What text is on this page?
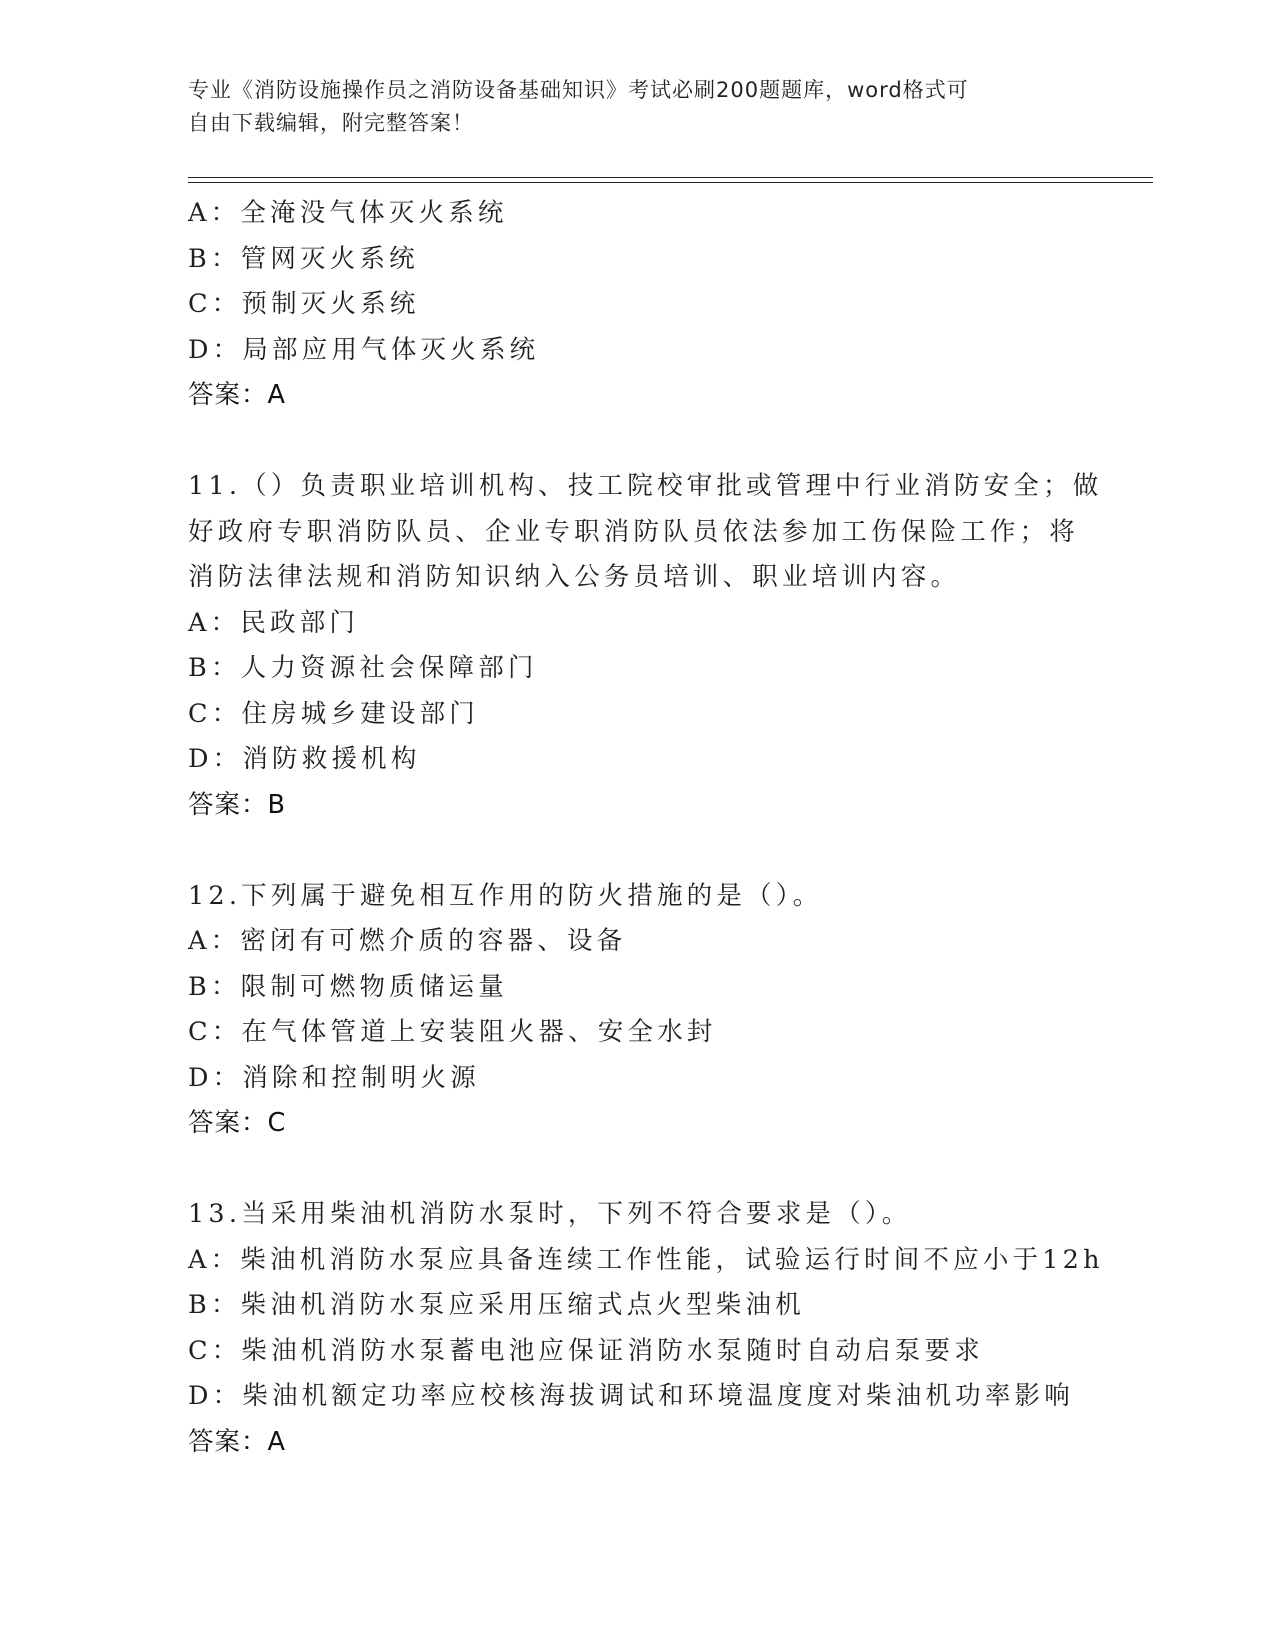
专业《消防设施操作员之消防设备基础知识》考试必刷200题题库，word格式可
自由下载编辑，附完整答案！
A：全淹没气体灭火系统
B：管网灭火系统
C：预制灭火系统
D：局部应用气体灭火系统
答案：A
11.（）负责职业培训机构、技工院校审批或管理中行业消防安全；做
好政府专职消防队员、企业专职消防队员依法参加工伤保险工作；将
消防法律法规和消防知识纳入公务员培训、职业培训内容。
A：民政部门
B：人力资源社会保障部门
C：住房城乡建设部门
D：消防救援机构
答案：B
12.下列属于避免相互作用的防火措施的是（）。
A：密闭有可燃介质的容器、设备
B：限制可燃物质储运量
C：在气体管道上安装阻火器、安全水封
D：消除和控制明火源
答案：C
13.当采用柴油机消防水泵时，下列不符合要求是（）。
A：柴油机消防水泵应具备连续工作性能，试验运行时间不应小于12h
B：柴油机消防水泵应采用压缩式点火型柴油机
C：柴油机消防水泵蓄电池应保证消防水泵随时自动启泵要求
D：柴油机额定功率应校核海拔调试和环境温度度对柴油机功率影响
答案：A
